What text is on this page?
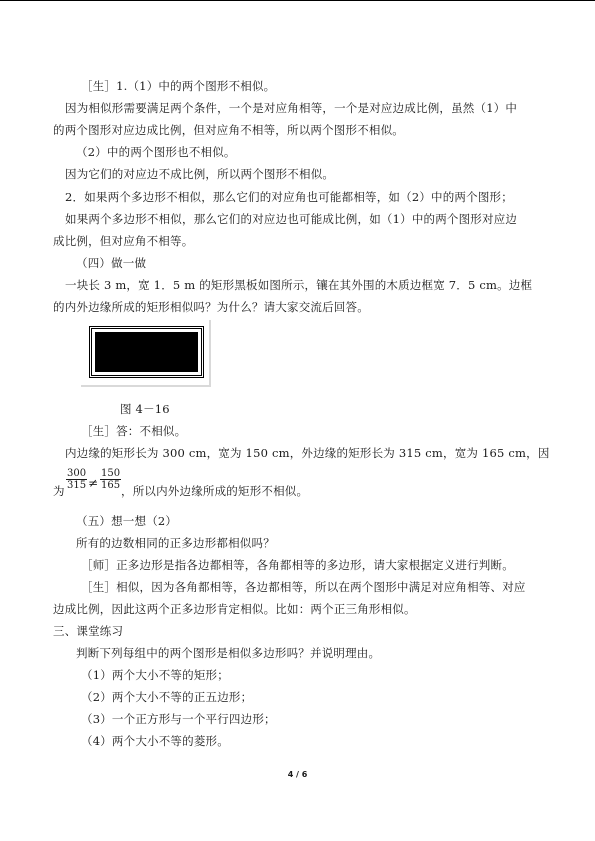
［生］1.（1）中的两个图形不相似。
因为相似形需要满足两个条件，一个是对应角相等，一个是对应边成比例，虽然（1）中
的两个图形对应边成比例，但对应角不相等，所以两个图形不相似。
（2）中的两个图形也不相似。
因为它们的对应边不成比例，所以两个图形不相似。
2．如果两个多边形不相似，那么它们的对应角也可能都相等，如（2）中的两个图形；
如果两个多边形不相似，那么它们的对应边也可能成比例，如（1）中的两个图形对应边
成比例，但对应角不相等。
（四）做一做
一块长 3 m，宽 1．5 m 的矩形黑板如图所示，镶在其外围的木质边框宽 7．5 cm。边框
的内外边缘所成的矩形相似吗？为什么？请大家交流后回答。
图 4－16
［生］答：不相似。
内边缘的矩形长为 300 cm，宽为 150 cm，外边缘的矩形长为 315 cm，宽为 165 cm，因
为 $\frac{300}{315} \ne \frac{150}{165}$ ，所以内外边缘所成的矩形不相似。
（五）想一想（2）
所有的边数相同的正多边形都相似吗？
［师］正多边形是指各边都相等，各角都相等的多边形，请大家根据定义进行判断。
［生］相似，因为各角都相等，各边都相等，所以在两个图形中满足对应角相等、对应
边成比例，因此这两个正多边形肯定相似。比如：两个正三角形相似。
三、课堂练习
判断下列每组中的两个图形是相似多边形吗？并说明理由。
（1）两个大小不等的矩形；
（2）两个大小不等的正五边形；
（3）一个正方形与一个平行四边形；
（4）两个大小不等的菱形。
4 / 6
